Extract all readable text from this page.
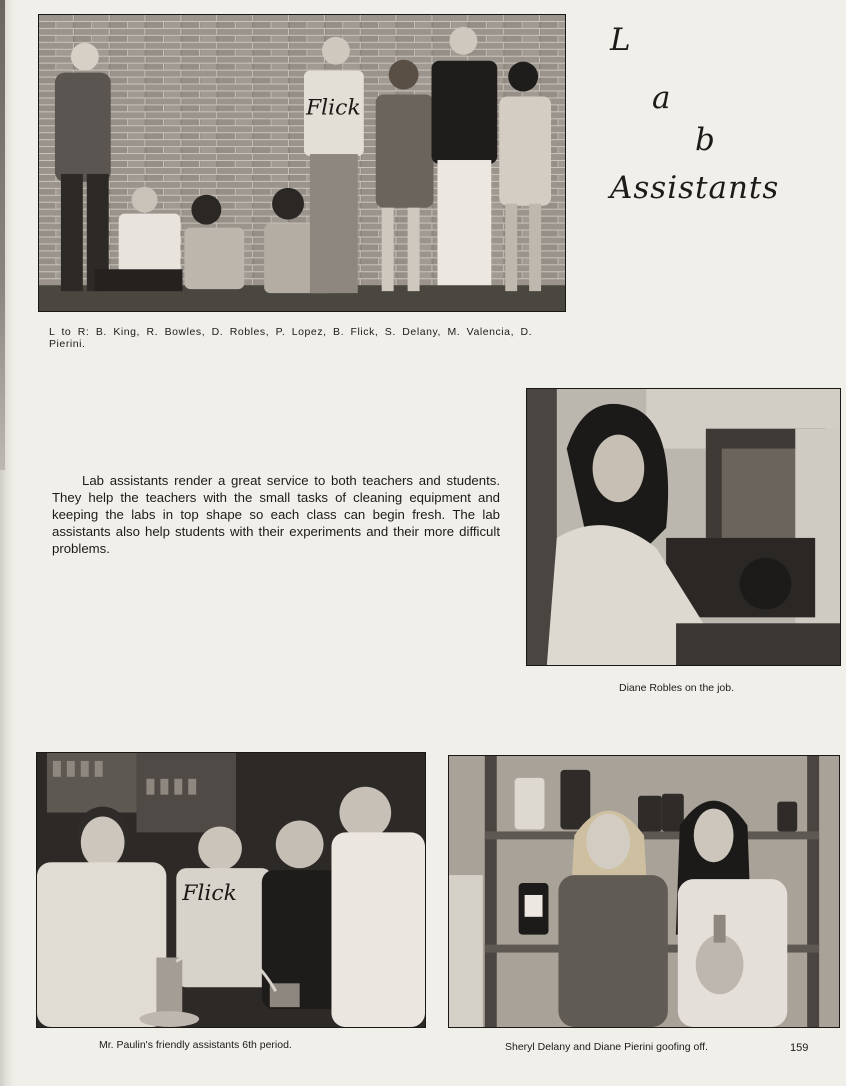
Flick
L to R: B. King, R. Bowles, D. Robles, P. Lopez, B. Flick, S. Delany, M. Valencia, D. Pierini.
L
a
b
Assistants

Lab assistants render a great service to both teachers and students. They help the teachers with the small tasks of cleaning equipment and keeping the labs in top shape so each class can begin fresh. The lab assistants also help students with their experiments and their more difficult problems.

Diane Robles on the job.
Flick
Mr. Paulin's friendly assistants 6th period.	Sheryl Delany and Diane Pierini goofing off.	159
